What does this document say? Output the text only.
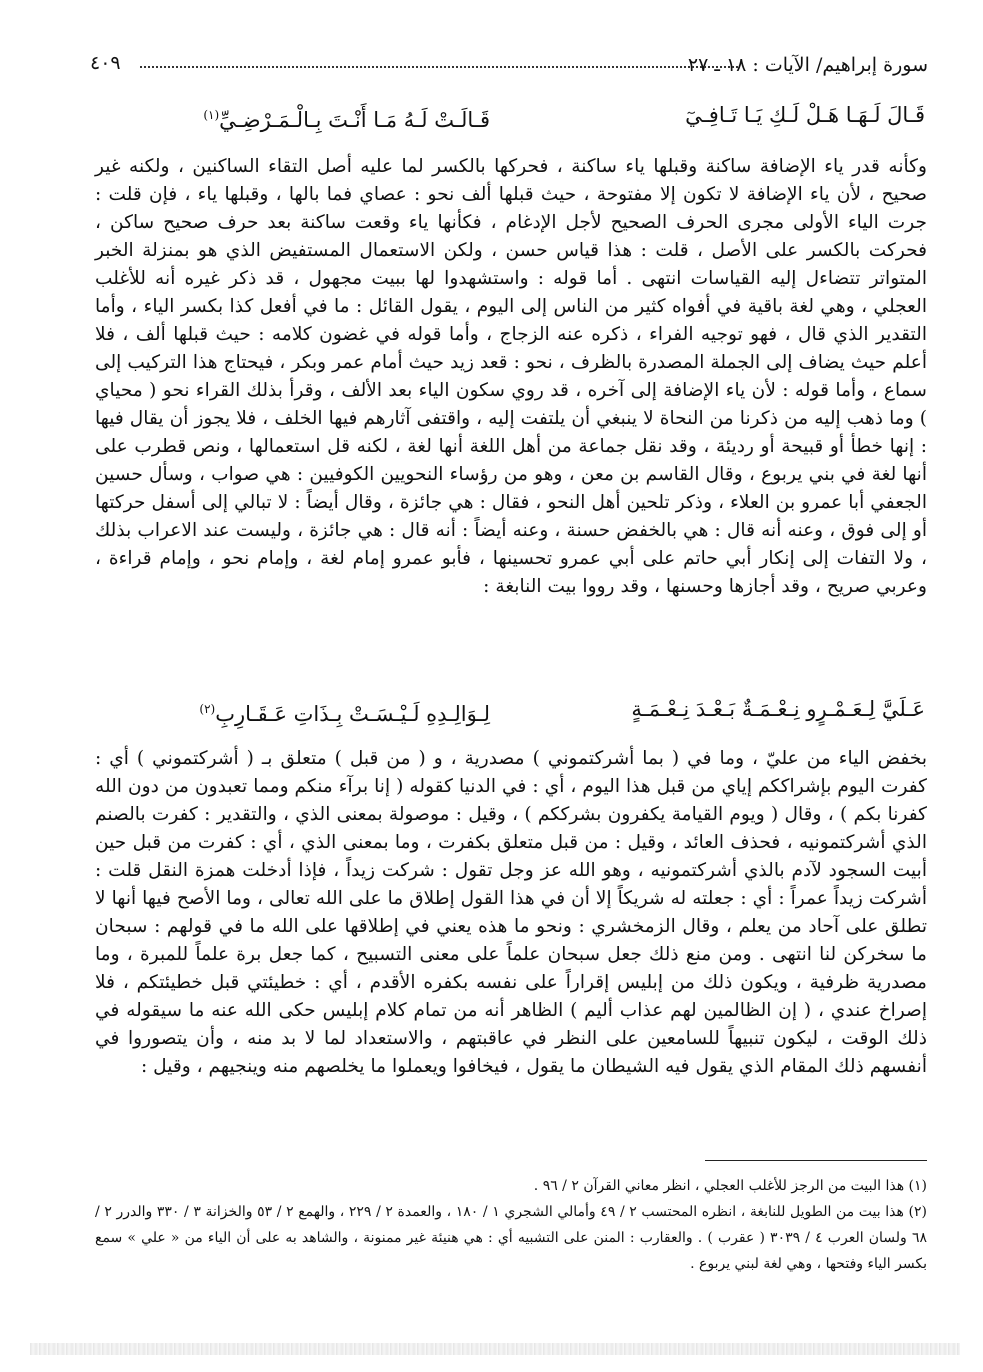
سورة إبراهيم/ الآيات : ١٨ ـ ٢٧
٤٠٩
قَـالَ لَـهَـا هَـلْ لَـكِ يَـا تَـافِـيٓ
قَـالَـتْ لَـهُ مَـا أَنْـتَ بِـالْـمَـرْضِـيِّ$^{(١)}$

وكأنه قدر ياء الإضافة ساكنة وقبلها ياء ساكنة ، فحركها بالكسر لما عليه أصل التقاء الساكنين ، ولكنه غير صحيح ، لأن ياء الإضافة لا تكون إلا مفتوحة ، حيث قبلها ألف نحو : عصاي فما بالها ، وقبلها ياء ، فإن قلت : جرت الياء الأولى مجرى الحرف الصحيح لأجل الإدغام ، فكأنها ياء وقعت ساكنة بعد حرف صحيح ساكن ، فحركت بالكسر على الأصل ، قلت : هذا قياس حسن ، ولكن الاستعمال المستفيض الذي هو بمنزلة الخبر المتواتر تتضاءل إليه القياسات انتهى . أما قوله : واستشهدوا لها ببيت مجهول ، قد ذكر غيره أنه للأغلب العجلي ، وهي لغة باقية في أفواه كثير من الناس إلى اليوم ، يقول القائل : ما في أفعل كذا بكسر الياء ، وأما التقدير الذي قال ، فهو توجيه الفراء ، ذكره عنه الزجاج ، وأما قوله في غضون كلامه : حيث قبلها ألف ، فلا أعلم حيث يضاف إلى الجملة المصدرة بالظرف ، نحو : قعد زيد حيث أمام عمر وبكر ، فيحتاج هذا التركيب إلى سماع ، وأما قوله : لأن ياء الإضافة إلى آخره ، قد روي سكون الياء بعد الألف ، وقرأ بذلك القراء نحو ( محياي ) وما ذهب إليه من ذكرنا من النحاة لا ينبغي أن يلتفت إليه ، واقتفى آثارهم فيها الخلف ، فلا يجوز أن يقال فيها : إنها خطأ أو قبيحة أو رديئة ، وقد نقل جماعة من أهل اللغة أنها لغة ، لكنه قل استعمالها ، ونص قطرب على أنها لغة في بني يربوع ، وقال القاسم بن معن ، وهو من رؤساء النحويين الكوفيين : هي صواب ، وسأل حسين الجعفي أبا عمرو بن العلاء ، وذكر تلحين أهل النحو ، فقال : هي جائزة ، وقال أيضاً : لا تبالي إلى أسفل حركتها أو إلى فوق ، وعنه أنه قال : هي بالخفض حسنة ، وعنه أيضاً : أنه قال : هي جائزة ، وليست عند الاعراب بذلك ، ولا التفات إلى إنكار أبي حاتم على أبي عمرو تحسينها ، فأبو عمرو إمام لغة ، وإمام نحو ، وإمام قراءة ، وعربي صريح ، وقد أجازها وحسنها ، وقد رووا بيت النابغة :

عَـلَيَّ لِـعَـمْـرٍو نِـعْـمَـةٌ بَـعْـدَ نِـعْـمَـةٍ
لِـوَالِـدِهِ لَـيْـسَـتْ بِـذَاتِ عَـقَـارِبِ$^{(٢)}$

بخفض الياء من عليّ ، وما في ( بما أشركتموني ) مصدرية ، و ( من قبل ) متعلق بـ ( أشركتموني ) أي : كفرت اليوم بإشراككم إياي من قبل هذا اليوم ، أي : في الدنيا كقوله ( إنا برآء منكم ومما تعبدون من دون الله كفرنا بكم ) ، وقال ( ويوم القيامة يكفرون بشرككم ) ، وقيل : موصولة بمعنى الذي ، والتقدير : كفرت بالصنم الذي أشركتمونيه ، فحذف العائد ، وقيل : من قبل متعلق بكفرت ، وما بمعنى الذي ، أي : كفرت من قبل حين أبيت السجود لآدم بالذي أشركتمونيه ، وهو الله عز وجل تقول : شركت زيداً ، فإذا أدخلت همزة النقل قلت : أشركت زيداً عمراً : أي : جعلته له شريكاً إلا أن في هذا القول إطلاق ما على الله تعالى ، وما الأصح فيها أنها لا تطلق على آحاد من يعلم ، وقال الزمخشري : ونحو ما هذه يعني في إطلاقها على الله ما في قولهم : سبحان ما سخركن لنا انتهى . ومن منع ذلك جعل سبحان علماً على معنى التسبيح ، كما جعل برة علماً للمبرة ، وما مصدرية ظرفية ، ويكون ذلك من إبليس إقراراً على نفسه بكفره الأقدم ، أي : خطيئتي قبل خطيئتكم ، فلا إصراخ عندي ، ( إن الظالمين لهم عذاب أليم ) الظاهر أنه من تمام كلام إبليس حكى الله عنه ما سيقوله في ذلك الوقت ، ليكون تنبيهاً للسامعين على النظر في عاقبتهم ، والاستعداد لما لا بد منه ، وأن يتصوروا في أنفسهم ذلك المقام الذي يقول فيه الشيطان ما يقول ، فيخافوا ويعملوا ما يخلصهم منه وينجيهم ، وقيل :

(١) هذا البيت من الرجز للأغلب العجلي ، انظر معاني القرآن ٢ / ٩٦ .

(٢) هذا بيت من الطويل للنابغة ، انظره المحتسب ٢ / ٤٩ وأمالي الشجري ١ / ١٨٠ ، والعمدة ٢ / ٢٢٩ ، والهمع ٢ / ٥٣ والخزانة ٣ / ٣٣٠ والدرر ٢ / ٦٨ ولسان العرب ٤ / ٣٠٣٩ ( عقرب ) . والعقارب : المنن على التشبيه أي : هي هنيئة غير ممنونة ، والشاهد به على أن الياء من « علي » سمع بكسر الياء وفتحها ، وهي لغة لبني يربوع .
